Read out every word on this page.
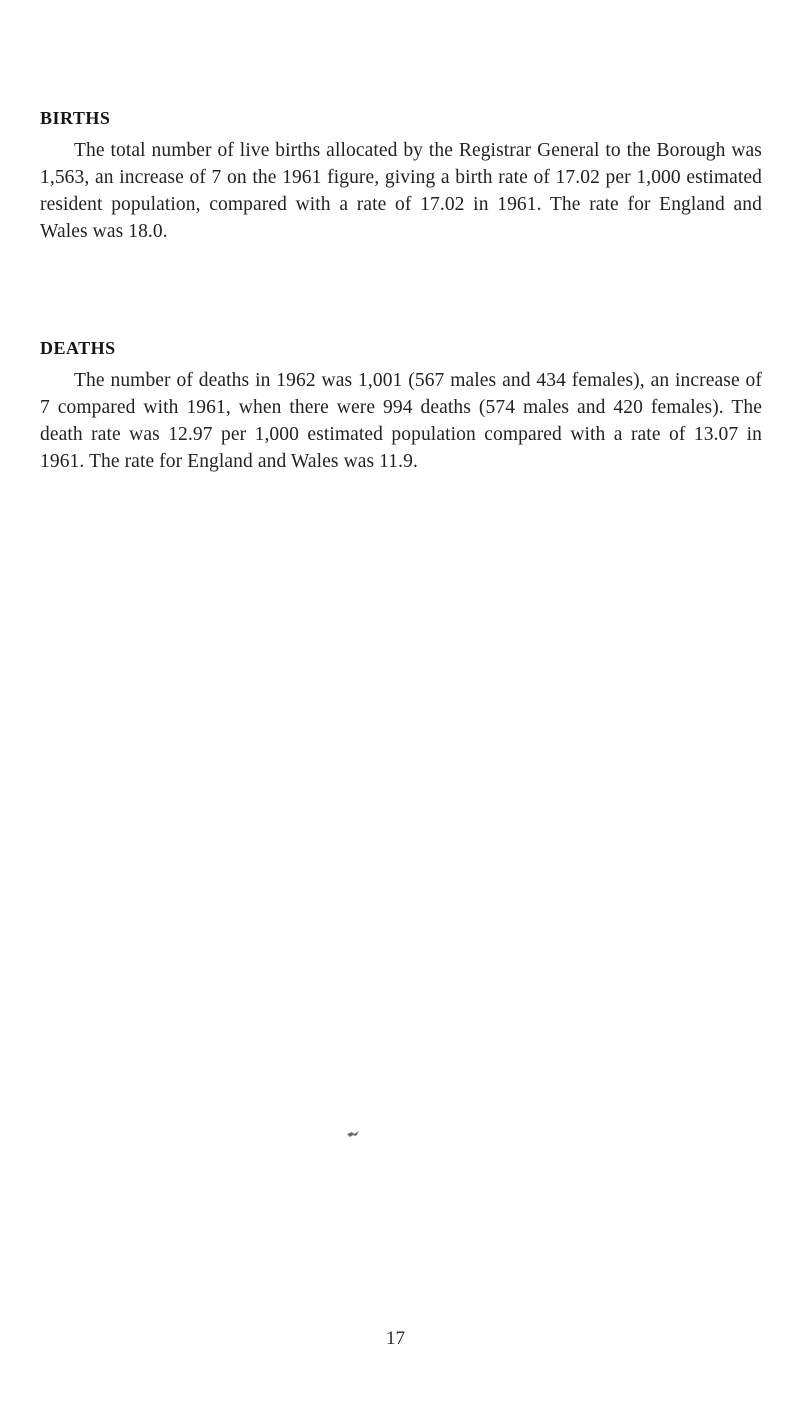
BIRTHS

The total number of live births allocated by the Registrar General to the Borough was 1,563, an increase of 7 on the 1961 figure, giving a birth rate of 17.02 per 1,000 estimated resident population, compared with a rate of 17.02 in 1961. The rate for England and Wales was 18.0.

DEATHS

The number of deaths in 1962 was 1,001 (567 males and 434 females), an increase of 7 compared with 1961, when there were 994 deaths (574 males and 420 females). The death rate was 12.97 per 1,000 estimated population compared with a rate of 13.07 in 1961. The rate for England and Wales was 11.9.

17
